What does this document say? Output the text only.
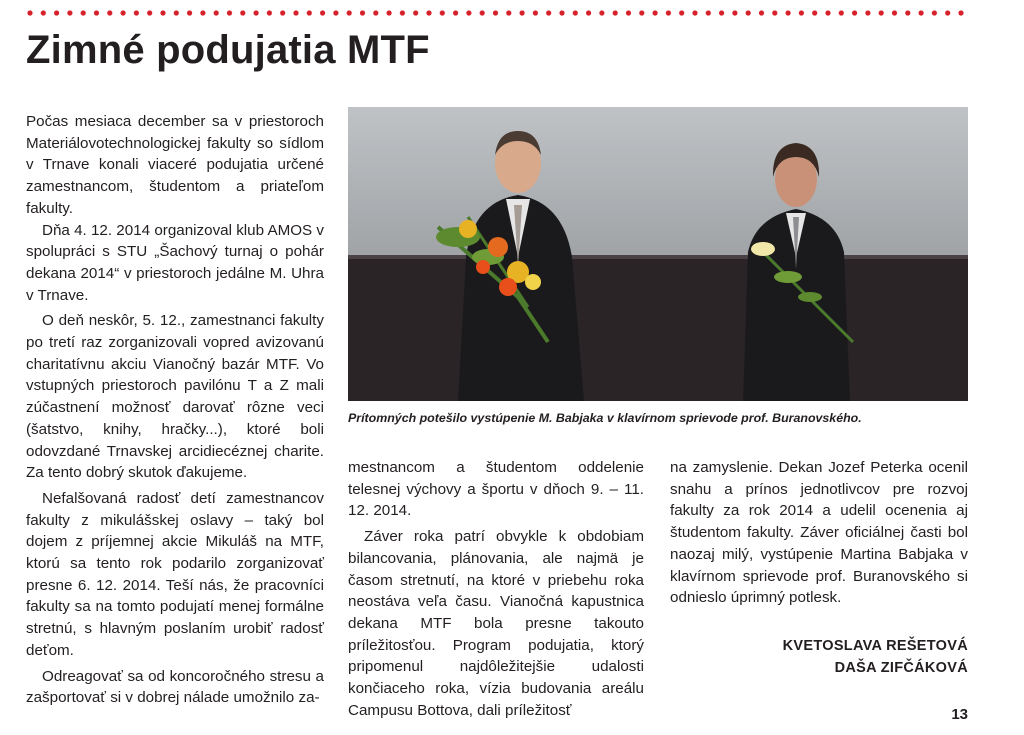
Zimné podujatia MTF

Počas mesiaca december sa v priestoroch Materiálovotechnologickej fakulty so sídlom v Trnave konali viaceré podujatia určené zamestnancom, študentom a priateľom fakulty.

Dňa 4. 12. 2014 organizoval klub AMOS v spolupráci s STU „Šachový turnaj o pohár dekana 2014“ v priestoroch jedálne M. Uhra v Trnave.

O deň neskôr, 5. 12., zamestnanci fakulty po tretí raz zorganizovali vopred avizovanú charitatívnu akciu Vianočný bazár MTF. Vo vstupných priestoroch pavilónu T a Z mali zúčastnení možnosť darovať rôzne veci (šatstvo, knihy, hračky...), ktoré boli odovzdané Trnavskej arcidiecéznej charite. Za tento dobrý skutok ďakujeme.

Nefalšovaná radosť detí zamestnancov fakulty z mikulášskej oslavy – taký bol dojem z príjemnej akcie Mikuláš na MTF, ktorú sa tento rok podarilo zorganizovať presne 6. 12. 2014. Teší nás, že pracovníci fakulty sa na tomto podujatí menej formálne stretnú, s hlavným poslaním urobiť radosť deťom.

Odreagovať sa od koncoročného stresu a zašportovať si v dobrej nálade umožnilo za-

Prítomných potešilo vystúpenie M. Babjaka v klavírnom sprievode prof. Buranovského.

mestnancom a študentom oddelenie telesnej výchovy a športu v dňoch 9. – 11. 12. 2014.

Záver roka patrí obvykle k obdobiam bilancovania, plánovania, ale najmä je časom stretnutí, na ktoré v priebehu roka neostáva veľa času. Vianočná kapustnica dekana MTF bola presne takouto príležitosťou. Program podujatia, ktorý pripomenul najdôležitejšie udalosti končiaceho roka, vízia budovania areálu Campusu Bottova, dali príležitosť

na zamyslenie. Dekan Jozef Peterka ocenil snahu a prínos jednotlivcov pre rozvoj fakulty za rok 2014 a udelil ocenenia aj študentom fakulty. Záver oficiálnej časti bol naozaj milý, vystúpenie Martina Babjaka v klavírnom sprievode prof. Buranovského si odnieslo úprimný potlesk.

KVETOSLAVA REŠETOVÁ
DAŠA ZIFČÁKOVÁ
13
